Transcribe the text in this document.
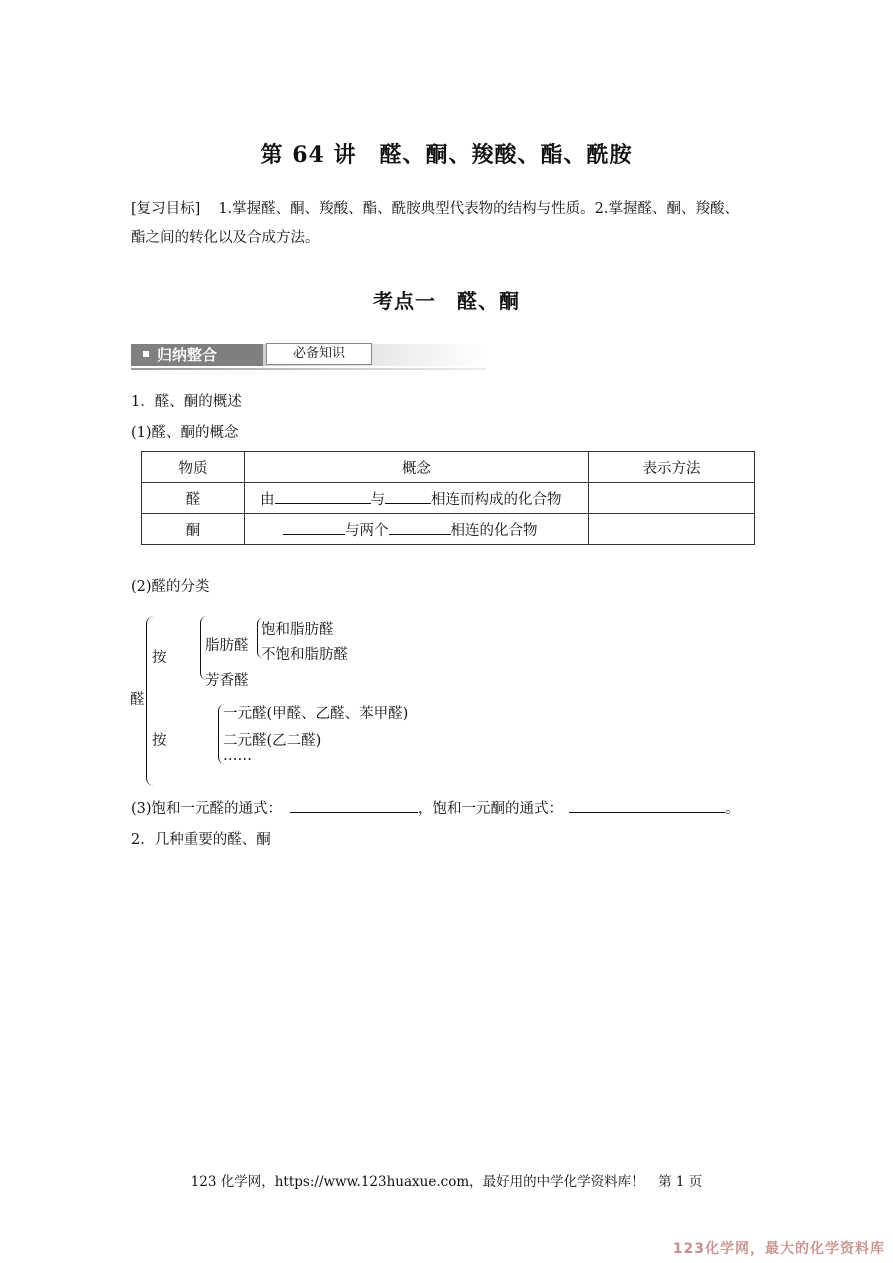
第 64 讲　醛、酮、羧酸、酯、酰胺
[复习目标] 1.掌握醛、酮、羧酸、酯、酰胺典型代表物的结构与性质。2.掌握醛、酮、羧酸、
酯之间的转化以及合成方法。
考点一　醛、酮
归纳整合	必备知识
1．醛、酮的概述
(1)醛、酮的概念
物质	概念	表示方法
醛	由 与 相连而构成的化合物	
酮	与两个 相连的化合物	
(2)醛的分类
醛
按
脂肪醛
饱和脂肪醛
不饱和脂肪醛
芳香醛
按
一元醛(甲醛、乙醛、苯甲醛)
二元醛(乙二醛)
……
(3)饱和一元醛的通式：	，饱和一元酮的通式：	。
2．几种重要的醛、酮
123 化学网，https://www.123huaxue.com，最好用的中学化学资料库！　第 1 页
123化学网，最大的化学资料库
